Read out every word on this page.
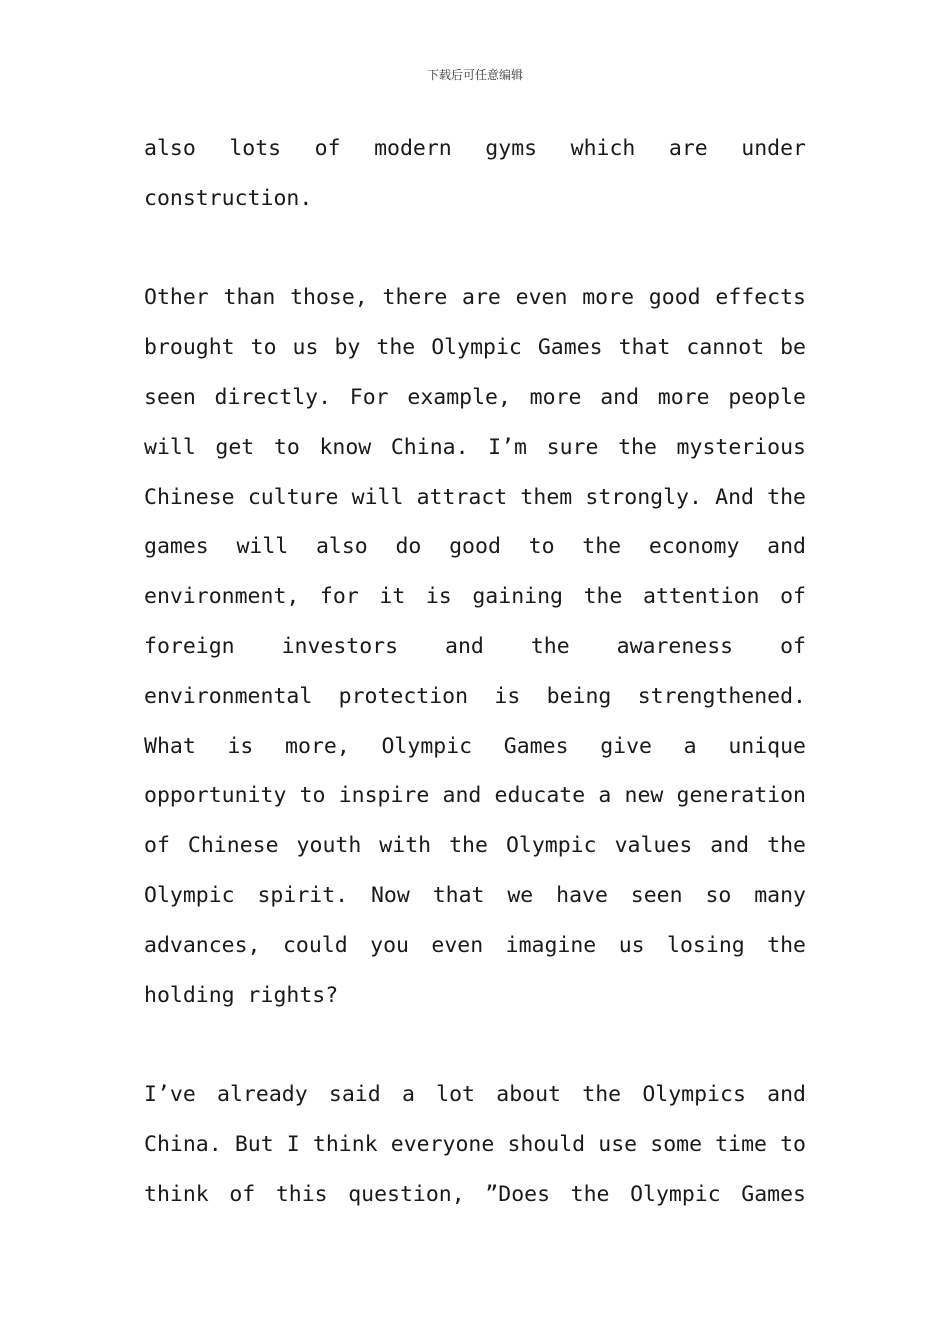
下载后可任意编辑

also lots of modern gyms which are under construction.

Other than those, there are even more good effects brought to us by the Olympic Games that cannot be seen directly. For example, more and more people will get to know China. I’m sure the mysterious Chinese culture will attract them strongly. And the games will also do good to the economy and environment, for it is gaining the attention of foreign investors and the awareness of environmental protection is being strengthened. What is more, Olympic Games give a unique opportunity to inspire and educate a new generation of Chinese youth with the Olympic values and the Olympic spirit. Now that we have seen so many advances, could you even imagine us losing the holding rights?

I’ve already said a lot about the Olympics and China. But I think everyone should use some time to think of this question, ”Does the Olympic Games
